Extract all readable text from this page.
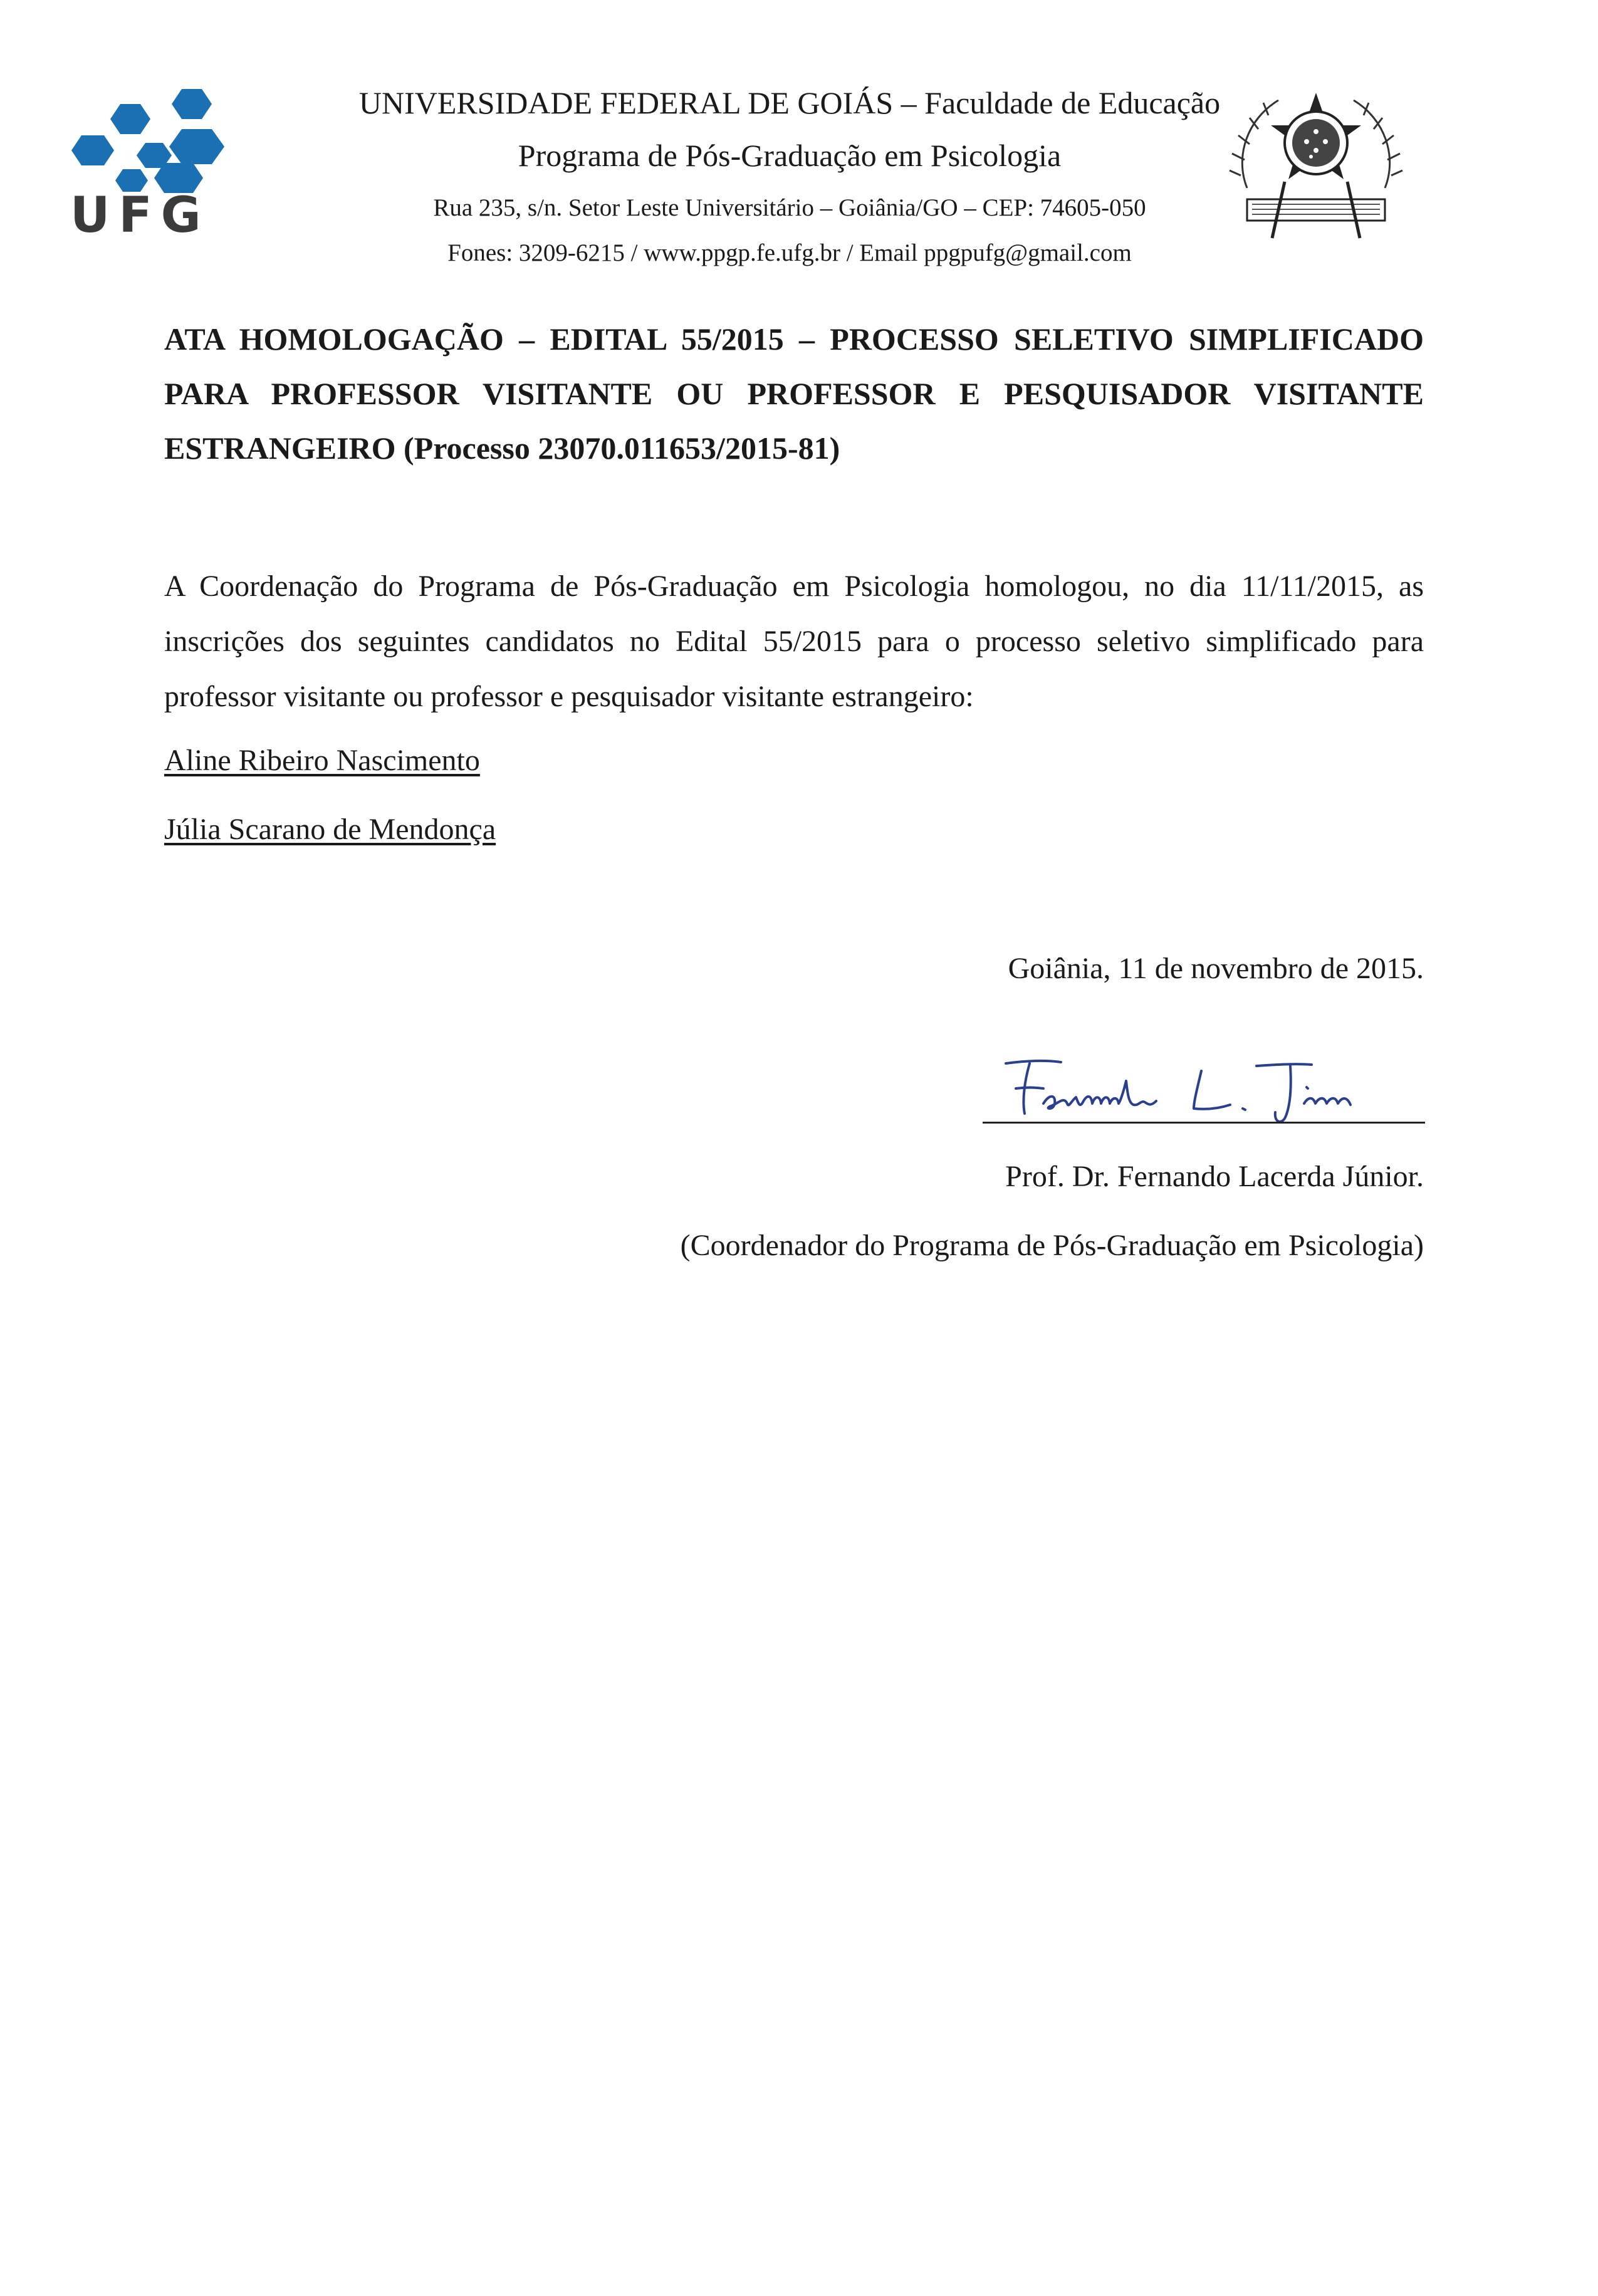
UFG
UNIVERSIDADE FEDERAL DE GOIÁS – Faculdade de Educação
Programa de Pós-Graduação em Psicologia
Rua 235, s/n. Setor Leste Universitário – Goiânia/GO – CEP: 74605-050
Fones: 3209-6215 / www.ppgp.fe.ufg.br / Email ppgpufg@gmail.com
ATA HOMOLOGAÇÃO – EDITAL 55/2015 – PROCESSO SELETIVO SIMPLIFICADO
PARA PROFESSOR VISITANTE OU PROFESSOR E PESQUISADOR VISITANTE
ESTRANGEIRO (Processo 23070.011653/2015-81)
A Coordenação do Programa de Pós-Graduação em Psicologia homologou, no dia 11/11/2015, as
inscrições dos seguintes candidatos no Edital 55/2015 para o processo seletivo simplificado para
professor visitante ou professor e pesquisador visitante estrangeiro:
Aline Ribeiro Nascimento
Júlia Scarano de Mendonça
Goiânia, 11 de novembro de 2015.
Prof. Dr. Fernando Lacerda Júnior.
(Coordenador do Programa de Pós-Graduação em Psicologia)
